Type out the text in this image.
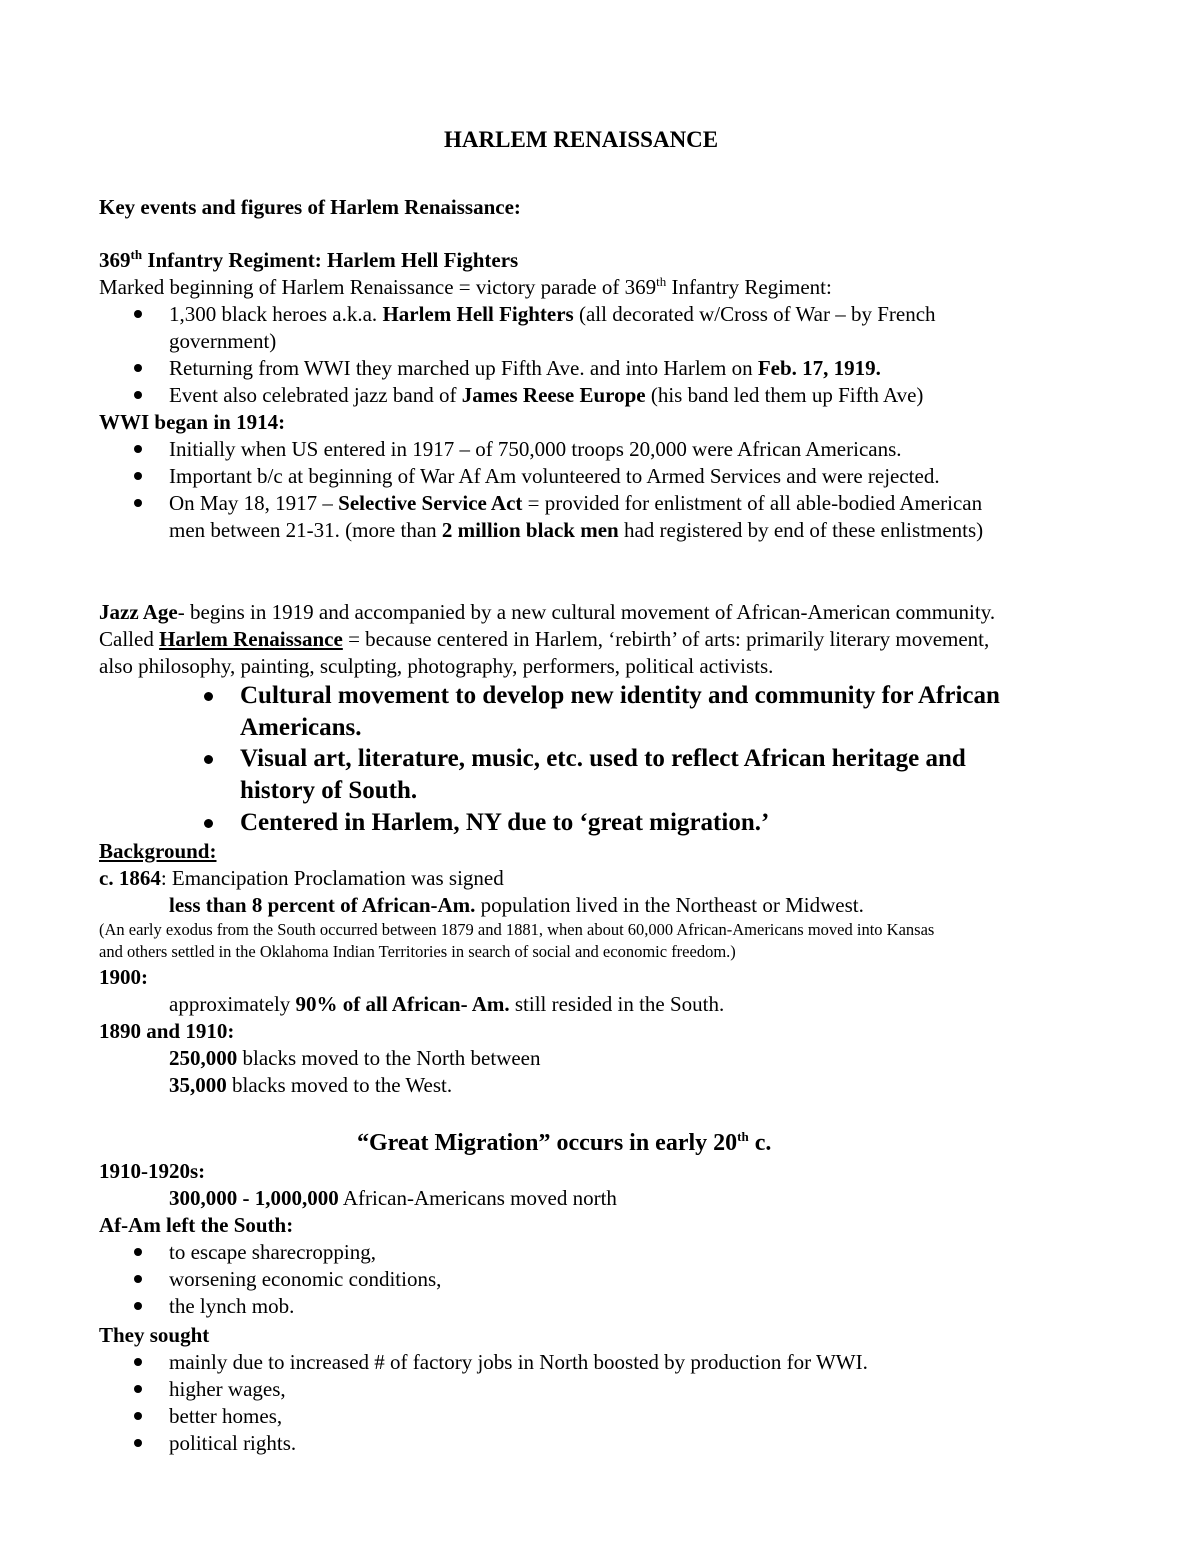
HARLEM RENAISSANCE
Key events and figures of Harlem Renaissance:
369th Infantry Regiment: Harlem Hell Fighters
Marked beginning of Harlem Renaissance = victory parade of 369th Infantry Regiment:
1,300 black heroes a.k.a. Harlem Hell Fighters (all decorated w/Cross of War – by French
government)
Returning from WWI they marched up Fifth Ave. and into Harlem on Feb. 17, 1919.
Event also celebrated jazz band of James Reese Europe (his band led them up Fifth Ave)
WWI began in 1914:
Initially when US entered in 1917 – of 750,000 troops 20,000 were African Americans.
Important b/c at beginning of War Af Am volunteered to Armed Services and were rejected.
On May 18, 1917 – Selective Service Act = provided for enlistment of all able-bodied American
men between 21-31. (more than 2 million black men had registered by end of these enlistments)
Jazz Age- begins in 1919 and accompanied by a new cultural movement of African-American community.
Called Harlem Renaissance = because centered in Harlem, ‘rebirth’ of arts: primarily literary movement,
also philosophy, painting, sculpting, photography, performers, political activists.
Cultural movement to develop new identity and community for African
Americans.
Visual art, literature, music, etc. used to reflect African heritage and
history of South.
Centered in Harlem, NY due to ‘great migration.’
Background:
c. 1864: Emancipation Proclamation was signed
less than 8 percent of African-Am. population lived in the Northeast or Midwest.
(An early exodus from the South occurred between 1879 and 1881, when about 60,000 African-Americans moved into Kansas
and others settled in the Oklahoma Indian Territories in search of social and economic freedom.)
1900:
approximately 90% of all African- Am. still resided in the South.
1890 and 1910:
250,000 blacks moved to the North between
35,000 blacks moved to the West.
“Great Migration” occurs in early 20th c.
1910-1920s:
300,000 - 1,000,000 African-Americans moved north
Af-Am left the South:
to escape sharecropping,
worsening economic conditions,
the lynch mob.
They sought
mainly due to increased # of factory jobs in North boosted by production for WWI.
higher wages,
better homes,
political rights.
